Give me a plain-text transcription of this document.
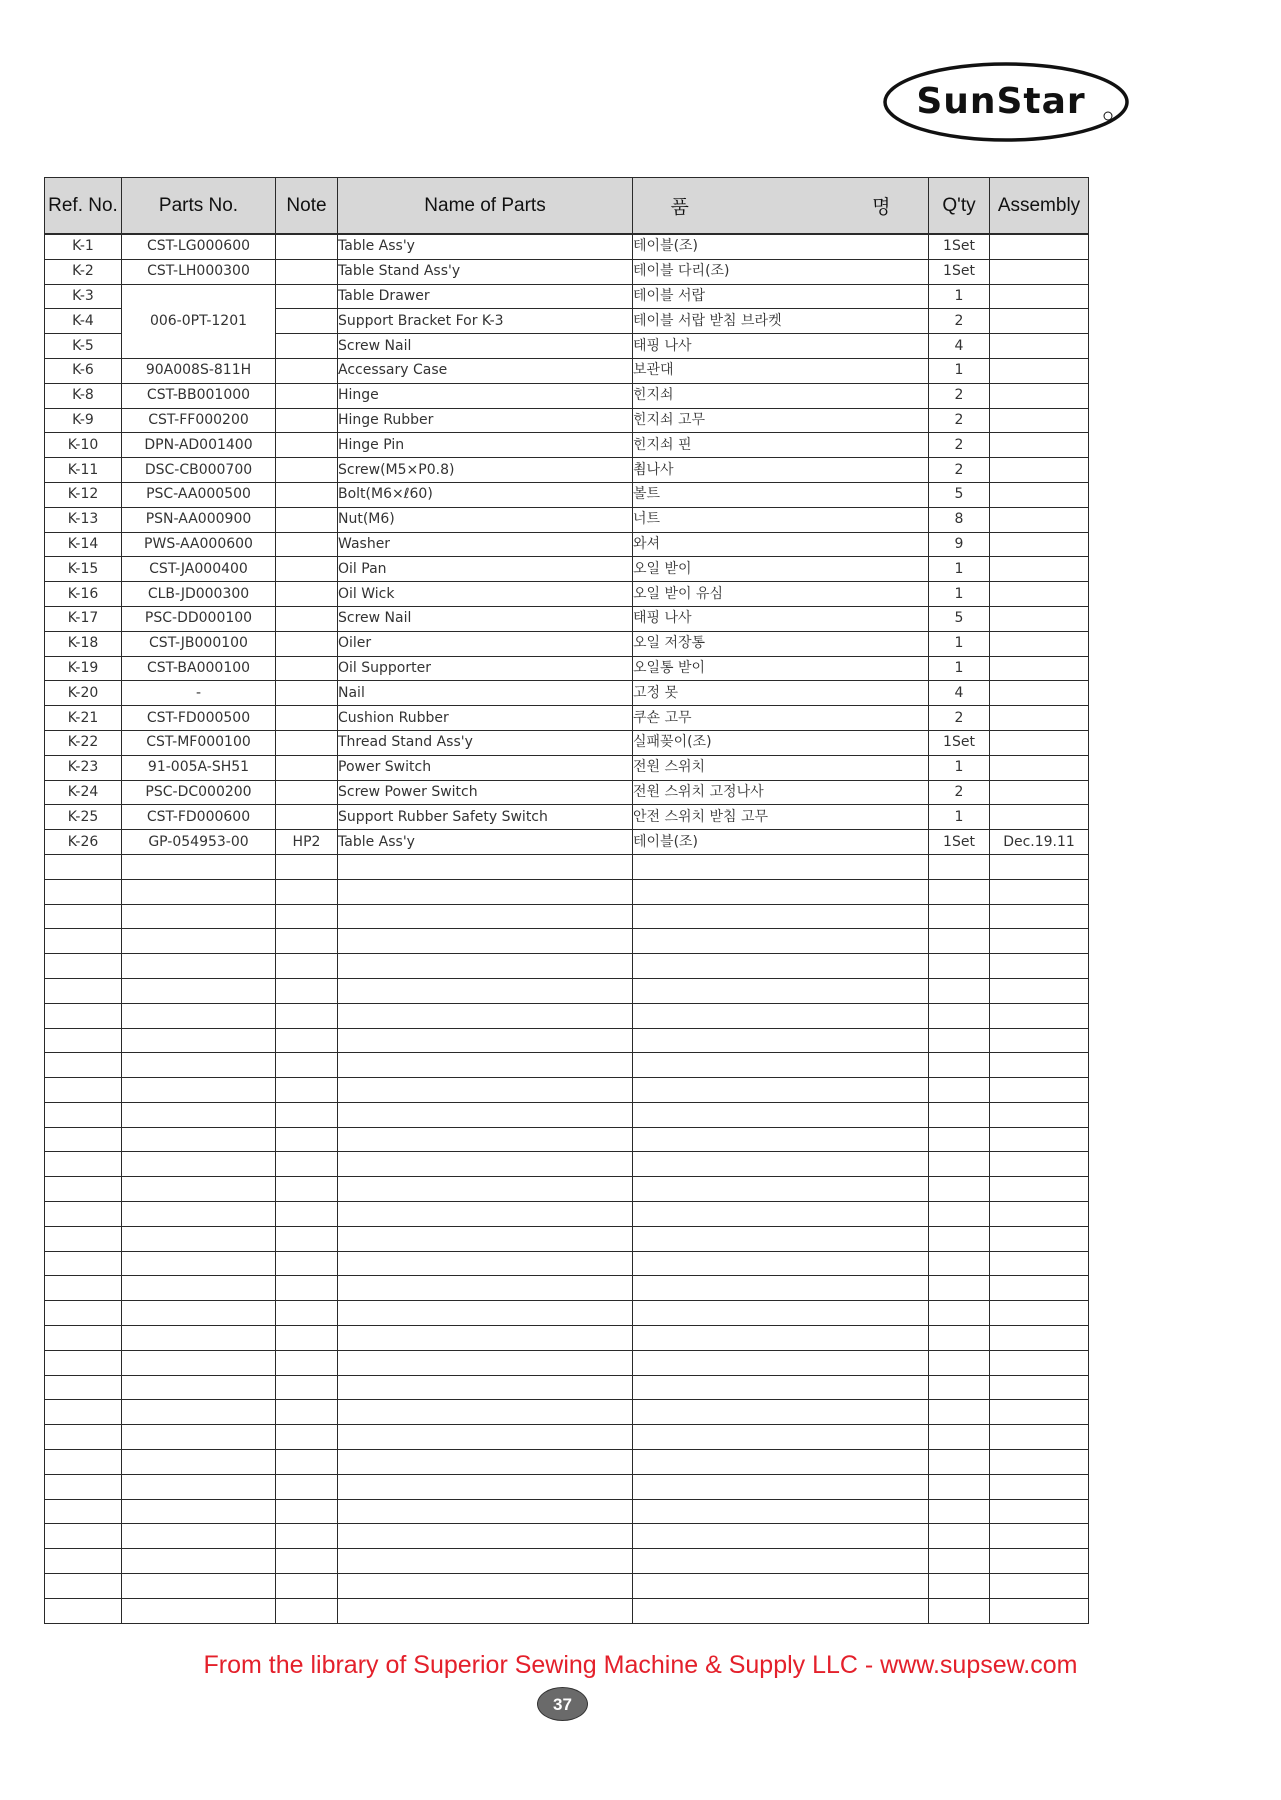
SunStar
Ref. No.	Parts No.	Note	Name of Parts	품 명	Q'ty	Assembly
K-1	CST-LG000600		Table Ass'y	테이블(조)	1Set	
K-2	CST-LH000300		Table Stand Ass'y	테이블 다리(조)	1Set	
K-3	006-0PT-1201		Table Drawer	테이블 서랍	1	
K-4			Support Bracket For K-3	테이블 서랍 받침 브라켓	2	
K-5			Screw Nail	태핑 나사	4	
K-6	90A008S-811H		Accessary Case	보관대	1	
K-8	CST-BB001000		Hinge	힌지쇠	2	
K-9	CST-FF000200		Hinge Rubber	힌지쇠 고무	2	
K-10	DPN-AD001400		Hinge Pin	힌지쇠 핀	2	
K-11	DSC-CB000700		Screw(M5×P0.8)	쵬나사	2	
K-12	PSC-AA000500		Bolt(M6×ℓ60)	볼트	5	
K-13	PSN-AA000900		Nut(M6)	너트	8	
K-14	PWS-AA000600		Washer	와셔	9	
K-15	CST-JA000400		Oil Pan	오일 받이	1	
K-16	CLB-JD000300		Oil Wick	오일 받이 유심	1	
K-17	PSC-DD000100		Screw Nail	태핑 나사	5	
K-18	CST-JB000100		Oiler	오일 저장통	1	
K-19	CST-BA000100		Oil Supporter	오일통 받이	1	
K-20	-		Nail	고정 못	4	
K-21	CST-FD000500		Cushion Rubber	쿠숀 고무	2	
K-22	CST-MF000100		Thread Stand Ass'y	실패꽂이(조)	1Set	
K-23	91-005A-SH51		Power Switch	전원 스위치	1	
K-24	PSC-DC000200		Screw Power Switch	전원 스위치 고정나사	2	
K-25	CST-FD000600		Support Rubber Safety Switch	안전 스위치 받침 고무	1	
K-26	GP-054953-00	HP2	Table Ass'y	테이블(조)	1Set	Dec.19.11

From the library of Superior Sewing Machine & Supply LLC - www.supsew.com
37
